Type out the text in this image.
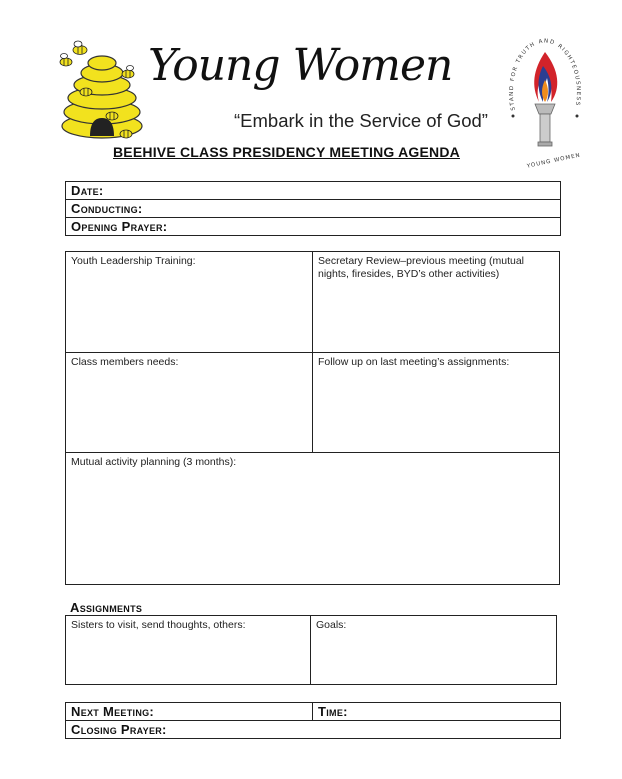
Young Women
“Embark in the Service of God”
BEEHIVE CLASS PRESIDENCY MEETING AGENDA
STAND FOR TRUTH AND RIGHTEOUSNESS
YOUNG WOMEN
Date:
Conducting:
Opening Prayer:
Youth Leadership Training:	Secretary Review–previous meeting (mutual nights, firesides, BYD’s other activities)
Class members needs:	Follow up on last meeting’s assignments:
Mutual activity planning (3 months):
Assignments
Sisters to visit, send thoughts, others:	Goals:
Next Meeting:	Time:
Closing Prayer:
